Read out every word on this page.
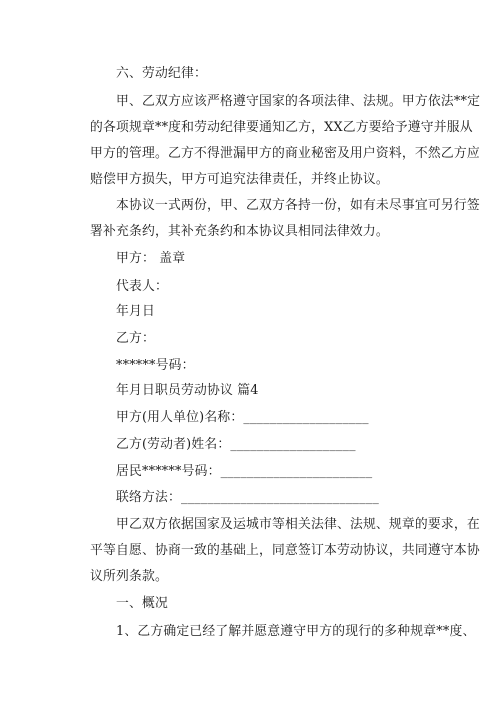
六、劳动纪律：
甲、乙双方应该严格遵守国家的各项法律、法规。甲方依法**定
的各项规章**度和劳动纪律要通知乙方，XX乙方要给予遵守并服从
甲方的管理。乙方不得泄漏甲方的商业秘密及用户资料，不然乙方应
赔偿甲方损失，甲方可追究法律责任，并终止协议。
本协议一式两份，甲、乙双方各持一份，如有未尽事宜可另行签
署补充条约，其补充条约和本协议具相同法律效力。
甲方： 盖章
代表人：
年月日
乙方：
******号码：
年月日职员劳动协议 篇4
甲方(用人单位)名称：___________________
乙方(劳动者)姓名：___________________
居民******号码：_______________________
联络方法：______________________________
甲乙双方依据国家及运城市等相关法律、法规、规章的要求，在
平等自愿、协商一致的基础上，同意签订本劳动协议，共同遵守本协
议所列条款。
一、概况
1、乙方确定已经了解并愿意遵守甲方的现行的多种规章**度、
